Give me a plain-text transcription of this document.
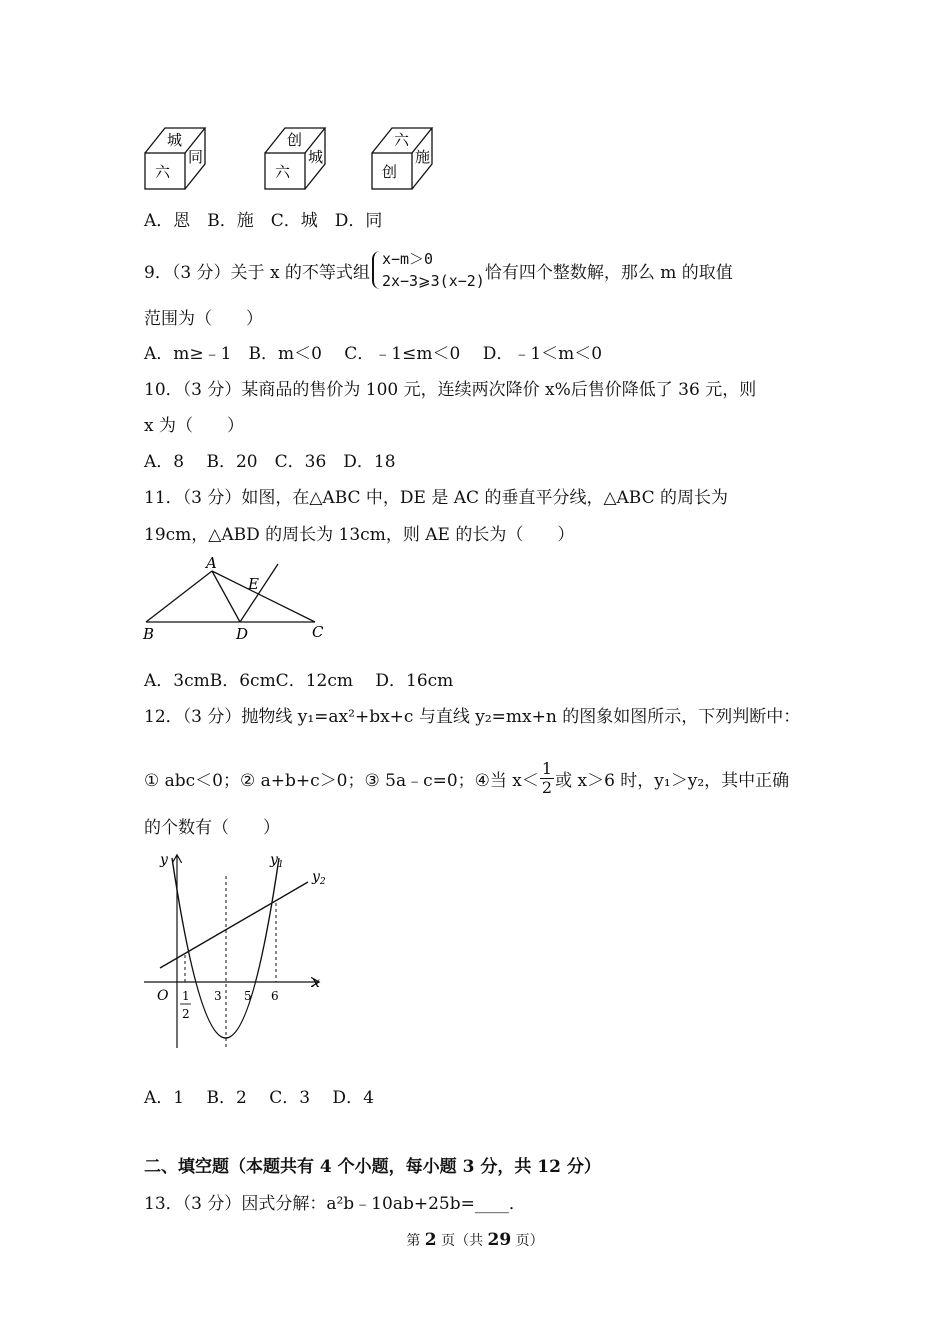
城
六
同
创
六
城
六
创
施
A．恩　B．施　C．城　D．同
9．（3 分）关于 x 的不等式组
x−m＞0
2x−3⩾3(x−2) 恰有四个整数解，那么 m 的取值
范围为（　　）
A．m≥﹣1　B．m＜0　 C．﹣1≤m＜0　 D．﹣1＜m＜0
10．（3 分）某商品的售价为 100 元，连续两次降价 x%后售价降低了 36 元，则
x 为（　　）
A．8　 B．20　C．36　D．18
11．（3 分）如图，在△ABC 中，DE 是 AC 的垂直平分线，△ABC 的周长为
19cm，△ABD 的周长为 13cm，则 AE 的长为（　　）
A
B	C
D
E
A．3cmB．6cmC．12cm　 D．16cm
12．（3 分）抛物线 y₁=ax²+bx+c 与直线 y₂=mx+n 的图象如图所示，下列判断中：
① abc＜0；② a+b+c＞0；③ 5a﹣c=0；④当 $x< \frac{1}{2}$ 或 x＞6 时，y₁＞y₂，其中正确
的个数有（　　）
y	$y_1$
$y_2$
x
O 1
2
3 5 6
A．1　 B．2　 C．3　 D．4
二、填空题（本题共有 4 个小题，每小题 3 分，共 12 分）
13．（3 分）因式分解：a²b﹣10ab+25b=____．
第 2 页（共 29 页）
